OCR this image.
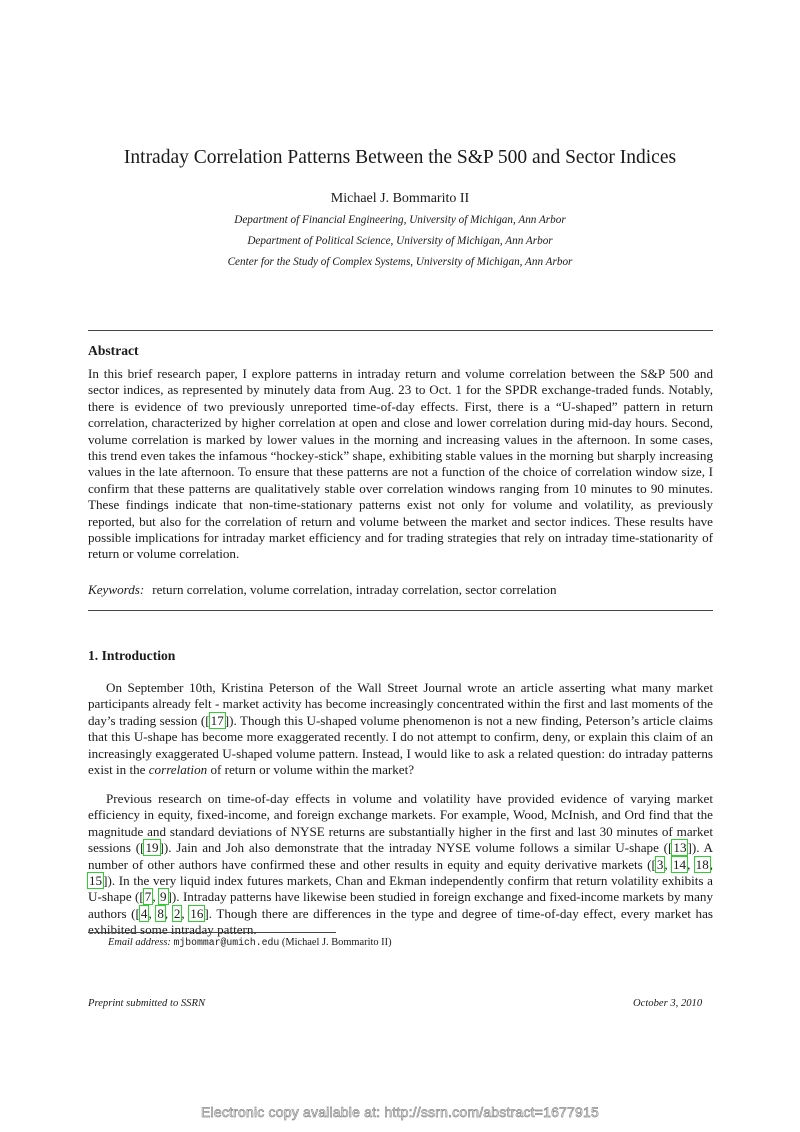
Intraday Correlation Patterns Between the S&P 500 and Sector Indices
Michael J. Bommarito II
Department of Financial Engineering, University of Michigan, Ann Arbor
Department of Political Science, University of Michigan, Ann Arbor
Center for the Study of Complex Systems, University of Michigan, Ann Arbor
Abstract
In this brief research paper, I explore patterns in intraday return and volume correlation between the S&P 500 and sector indices, as represented by minutely data from Aug. 23 to Oct. 1 for the SPDR exchange-traded funds. Notably, there is evidence of two previously unreported time-of-day effects. First, there is a “U-shaped” pattern in return correlation, characterized by higher correlation at open and close and lower correlation during mid-day hours. Second, volume correlation is marked by lower values in the morning and increasing values in the afternoon. In some cases, this trend even takes the infamous “hockey-stick” shape, exhibiting stable values in the morning but sharply increasing values in the late afternoon. To ensure that these patterns are not a function of the choice of correlation window size, I confirm that these patterns are qualitatively stable over correlation windows ranging from 10 minutes to 90 minutes. These findings indicate that non-time-stationary patterns exist not only for volume and volatility, as previously reported, but also for the correlation of return and volume between the market and sector indices. These results have possible implications for intraday market efficiency and for trading strategies that rely on intraday time-stationarity of return or volume correlation.
Keywords: return correlation, volume correlation, intraday correlation, sector correlation
1. Introduction
On September 10th, Kristina Peterson of the Wall Street Journal wrote an article asserting what many market participants already felt - market activity has become increasingly concentrated within the first and last moments of the day’s trading session ([17]). Though this U-shaped volume phenomenon is not a new finding, Peterson’s article claims that this U-shape has become more exaggerated recently. I do not attempt to confirm, deny, or explain this claim of an increasingly exaggerated U-shaped volume pattern. Instead, I would like to ask a related question: do intraday patterns exist in the correlation of return or volume within the market?
Previous research on time-of-day effects in volume and volatility have provided evidence of varying market efficiency in equity, fixed-income, and foreign exchange markets. For example, Wood, McInish, and Ord find that the magnitude and standard deviations of NYSE returns are substantially higher in the first and last 30 minutes of market sessions ([19]). Jain and Joh also demonstrate that the intraday NYSE volume follows a similar U-shape ([13]). A number of other authors have confirmed these and other results in equity and equity derivative markets ([3, 14, 18, 15]). In the very liquid index futures markets, Chan and Ekman independently confirm that return volatility exhibits a U-shape ([7, 9]). Intraday patterns have likewise been studied in foreign exchange and fixed-income markets by many authors ([4, 8, 2, 16]. Though there are differences in the type and degree of time-of-day effect, every market has exhibited some intraday pattern.
Email address: mjbommar@umich.edu (Michael J. Bommarito II)
Preprint submitted to SSRN	October 3, 2010
Electronic copy available at: http://ssrn.com/abstract=1677915
